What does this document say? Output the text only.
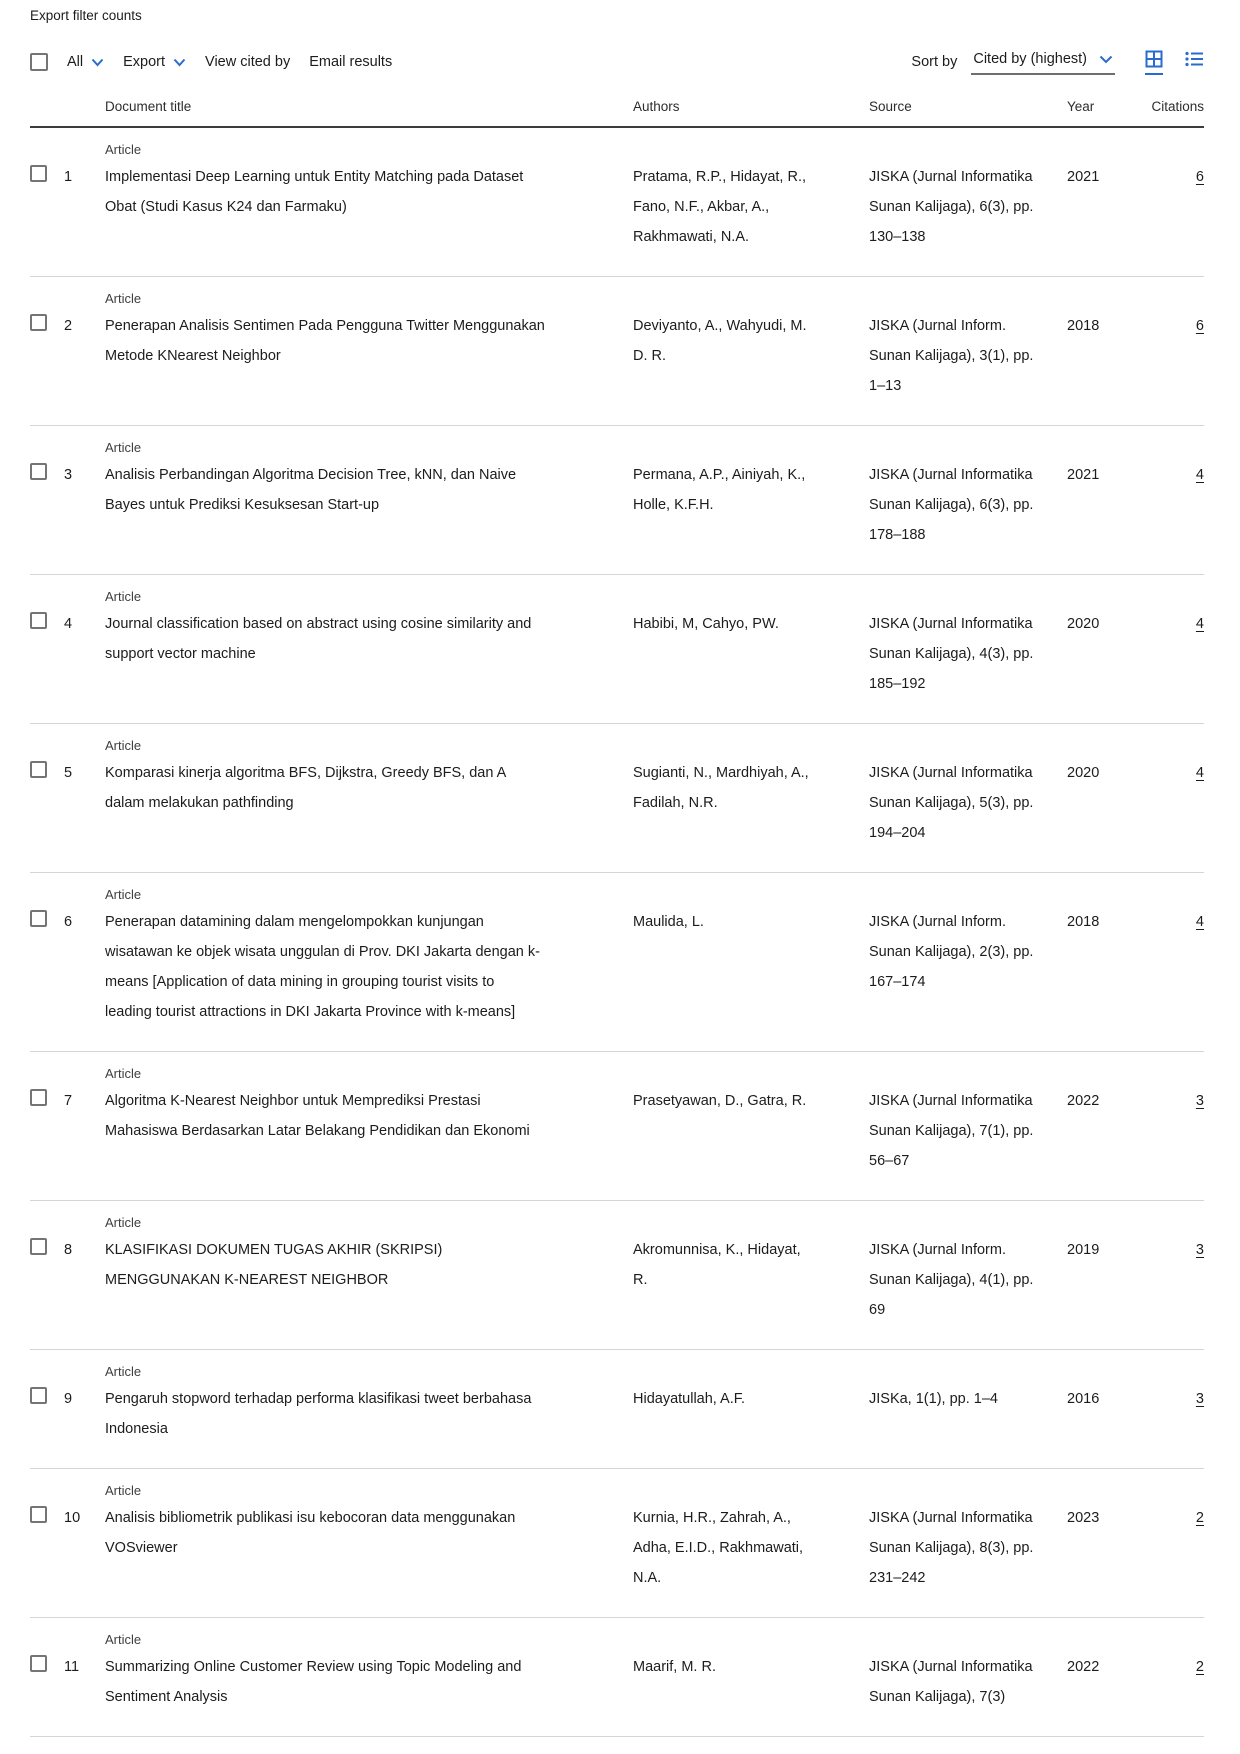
Export filter counts
All	Export	View cited by Email results	Sort by Cited by (highest)
Document title	Authors	Source	Year	Citations
1
Article
Implementasi Deep Learning untuk Entity Matching pada Dataset Obat (Studi Kasus K24 dan Farmaku)
Pratama, R.P., Hidayat, R., Fano, N.F., Akbar, A., Rakhmawati, N.A.
JISKA (Jurnal Informatika Sunan Kalijaga), 6(3), pp. 130–138
2021	6
2
Article
Penerapan Analisis Sentimen Pada Pengguna Twitter Menggunakan Metode KNearest Neighbor
Deviyanto, A., Wahyudi, M. D. R.
JISKA (Jurnal Inform. Sunan Kalijaga), 3(1), pp. 1–13
2018	6
3
Article
Analisis Perbandingan Algoritma Decision Tree, kNN, dan Naive Bayes untuk Prediksi Kesuksesan Start-up
Permana, A.P., Ainiyah, K., Holle, K.F.H.
JISKA (Jurnal Informatika Sunan Kalijaga), 6(3), pp. 178–188
2021	4
4
Article
Journal classification based on abstract using cosine similarity and support vector machine
Habibi, M, Cahyo, PW.	JISKA (Jurnal Informatika Sunan Kalijaga), 4(3), pp. 185–192
2020	4
5
Article
Komparasi kinerja algoritma BFS, Dijkstra, Greedy BFS, dan A dalam melakukan pathfinding
Sugianti, N., Mardhiyah, A., Fadilah, N.R.
JISKA (Jurnal Informatika Sunan Kalijaga), 5(3), pp. 194–204
2020	4
6
Article
Penerapan datamining dalam mengelompokkan kunjungan wisatawan ke objek wisata unggulan di Prov. DKI Jakarta dengan k-means [Application of data mining in grouping tourist visits to leading tourist attractions in DKI Jakarta Province with k-means]
Maulida, L.	JISKA (Jurnal Inform. Sunan Kalijaga), 2(3), pp. 167–174
2018	4
7
Article
Algoritma K-Nearest Neighbor untuk Memprediksi Prestasi Mahasiswa Berdasarkan Latar Belakang Pendidikan dan Ekonomi
Prasetyawan, D., Gatra, R.	JISKA (Jurnal Informatika Sunan Kalijaga), 7(1), pp. 56–67
2022	3
8
Article
KLASIFIKASI DOKUMEN TUGAS AKHIR (SKRIPSI) MENGGUNAKAN K-NEAREST NEIGHBOR
Akromunnisa, K., Hidayat, R.
JISKA (Jurnal Inform. Sunan Kalijaga), 4(1), pp. 69
2019	3
9
Article
Pengaruh stopword terhadap performa klasifikasi tweet berbahasa Indonesia
Hidayatullah, A.F.	JISKa, 1(1), pp. 1–4	2016	3
10
Article
Analisis bibliometrik publikasi isu kebocoran data menggunakan VOSviewer
Kurnia, H.R., Zahrah, A., Adha, E.I.D., Rakhmawati, N.A.
JISKA (Jurnal Informatika Sunan Kalijaga), 8(3), pp. 231–242
2023	2
11
Article
Summarizing Online Customer Review using Topic Modeling and Sentiment Analysis
Maarif, M. R.	JISKA (Jurnal Informatika Sunan Kalijaga), 7(3)
2022	2
